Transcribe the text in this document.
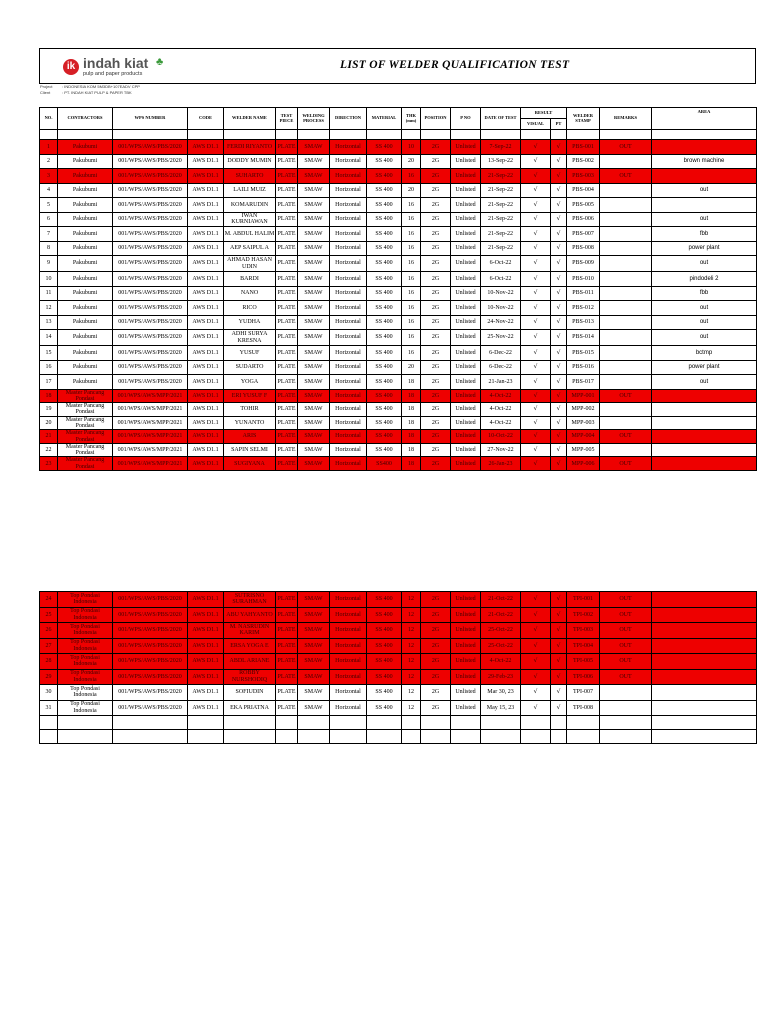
ik indah kiat ♣
pulp and paper products
LIST OF WELDER QUALIFICATION TEST
Project : INDONESIA KOM 5M3DB+107EADV CPP
Client	: PT. INDAH KIAT PULP & PAPER TBK
NO.	CONTRACTORS	WPS NUMBER	CODE	WELDER NAME	TEST PIECE	WELDING PROCESS	DIRECTION	MATERIAL	THK (mm)	POSITION	P NO	DATE OF TEST	RESULT		WELDER STAMP	REMARKS	AREA
													VISUAL	PT			

1	Pakubumi	001/WPS/AWS/PBS/2020	AWS D1.1	FERDI RIYANTO	PLATE	SMAW	Horizontal	SS 400	10	2G	Unlisted	7-Sep-22	√	√	PBS-001	OUT	
2	Pakubumi	001/WPS/AWS/PBS/2020	AWS D1.1	DODDY MUMIN	PLATE	SMAW	Horizontal	SS 400	20	2G	Unlisted	13-Sep-22	√	√	PBS-002		brown machine
3	Pakubumi	001/WPS/AWS/PBS/2020	AWS D1.1	SUHARTO	PLATE	SMAW	Horizontal	SS 400	16	2G	Unlisted	21-Sep-22	√	√	PBS-003	OUT	
4	Pakubumi	001/WPS/AWS/PBS/2020	AWS D1.1	LAILI MUIZ	PLATE	SMAW	Horizontal	SS 400	20	2G	Unlisted	21-Sep-22	√	√	PBS-004		out
5	Pakubumi	001/WPS/AWS/PBS/2020	AWS D1.1	KOMARUDIN	PLATE	SMAW	Horizontal	SS 400	16	2G	Unlisted	21-Sep-22	√	√	PBS-005		
6	Pakubumi	001/WPS/AWS/PBS/2020	AWS D1.1	IWAN KURNIAWAN	PLATE	SMAW	Horizontal	SS 400	16	2G	Unlisted	21-Sep-22	√	√	PBS-006		out
7	Pakubumi	001/WPS/AWS/PBS/2020	AWS D1.1	M. ABDUL HALIM	PLATE	SMAW	Horizontal	SS 400	16	2G	Unlisted	21-Sep-22	√	√	PBS-007		fbb
8	Pakubumi	001/WPS/AWS/PBS/2020	AWS D1.1	AEP SAIPUL A	PLATE	SMAW	Horizontal	SS 400	16	2G	Unlisted	21-Sep-22	√	√	PBS-008		power plant
9	Pakubumi	001/WPS/AWS/PBS/2020	AWS D1.1	AHMAD HASAN UDIN	PLATE	SMAW	Horizontal	SS 400	16	2G	Unlisted	6-Oct-22	√	√	PBS-009		out
10	Pakubumi	001/WPS/AWS/PBS/2020	AWS D1.1	BARDI	PLATE	SMAW	Horizontal	SS 400	16	2G	Unlisted	6-Oct-22	√	√	PBS-010		pindodeli 2
11	Pakubumi	001/WPS/AWS/PBS/2020	AWS D1.1	NANO	PLATE	SMAW	Horizontal	SS 400	16	2G	Unlisted	10-Nov-22	√	√	PBS-011		fbb
12	Pakubumi	001/WPS/AWS/PBS/2020	AWS D1.1	RICO	PLATE	SMAW	Horizontal	SS 400	16	2G	Unlisted	10-Nov-22	√	√	PBS-012		out
13	Pakubumi	001/WPS/AWS/PBS/2020	AWS D1.1	YUDHA	PLATE	SMAW	Horizontal	SS 400	16	2G	Unlisted	24-Nov-22	√	√	PBS-013		out
14	Pakubumi	001/WPS/AWS/PBS/2020	AWS D1.1	ADHI SURYA KRESNA	PLATE	SMAW	Horizontal	SS 400	16	2G	Unlisted	25-Nov-22	√	√	PBS-014		out
15	Pakubumi	001/WPS/AWS/PBS/2020	AWS D1.1	YUSUF	PLATE	SMAW	Horizontal	SS 400	16	2G	Unlisted	6-Dec-22	√	√	PBS-015		bctmp
16	Pakubumi	001/WPS/AWS/PBS/2020	AWS D1.1	SUDARTO	PLATE	SMAW	Horizontal	SS 400	20	2G	Unlisted	6-Dec-22	√	√	PBS-016		power plant
17	Pakubumi	001/WPS/AWS/PBS/2020	AWS D1.1	YOGA	PLATE	SMAW	Horizontal	SS 400	18	2G	Unlisted	21-Jan-23	√	√	PBS-017		out
18	Master Pancang Pondasi	001/WPS/AWS/MPP/2021	AWS D1.1	ERI YUSUF F	PLATE	SMAW	Horizontal	SS 400	18	2G	Unlisted	4-Oct-22	√	√	MPP-001	OUT	
19	Master Pancang Pondasi	001/WPS/AWS/MPP/2021	AWS D1.1	TOHIR	PLATE	SMAW	Horizontal	SS 400	18	2G	Unlisted	4-Oct-22	√	√	MPP-002		
20	Master Pancang Pondasi	001/WPS/AWS/MPP/2021	AWS D1.1	YUNANTO	PLATE	SMAW	Horizontal	SS 400	18	2G	Unlisted	4-Oct-22	√	√	MPP-003		
21	Master Pancang Pondasi	001/WPS/AWS/MPP/2021	AWS D1.1	ARIS	PLATE	SMAW	Horizontal	SS 400	18	2G	Unlisted	10-Oct-22	√	√	MPP-004	OUT	
22	Master Pancang Pondasi	001/WPS/AWS/MPP/2021	AWS D1.1	SAPIN SELMI	PLATE	SMAW	Horizontal	SS 400	18	2G	Unlisted	27-Nov-22	√	√	MPP-005		
23	Master Pancang Pondasi	001/WPS/AWS/MPP/2021	AWS D1.1	SUGIYANA	PLATE	SMAW	Horizontal	SS400	18	2G	Unlisted	26-Jan-23	√	√	MPP-006	OUT	
24	Top Pondasi Indonesia	001/WPS/AWS/PBS/2020	AWS D1.1	SUTRISNO SURAHMAN	PLATE	SMAW	Horizontal	SS 400	12	2G	Unlisted	21-Oct-22	√	√	TPI-001	OUT	
25	Top Pondasi Indonesia	001/WPS/AWS/PBS/2020	AWS D1.1	ABU YAHYANTO	PLATE	SMAW	Horizontal	SS 400	12	2G	Unlisted	21-Oct-22	√	√	TPI-002	OUT	
26	Top Pondasi Indonesia	001/WPS/AWS/PBS/2020	AWS D1.1	M. NASRUDIN KARIM	PLATE	SMAW	Horizontal	SS 400	12	2G	Unlisted	25-Oct-22	√	√	TPI-003	OUT	
27	Top Pondasi Indonesia	001/WPS/AWS/PBS/2020	AWS D1.1	ERSA YOGA E	PLATE	SMAW	Horizontal	SS 400	12	2G	Unlisted	25-Oct-22	√	√	TPI-004	OUT	
28	Top Pondasi Indonesia	001/WPS/AWS/PBS/2020	AWS D1.1	ABDL ARIANE	PLATE	SMAW	Horizontal	SS 400	12	2G	Unlisted	4-Oct-22	√	√	TPI-005	OUT	
29	Top Pondasi Indonesia	001/WPS/AWS/PBS/2020	AWS D1.1	ROBBY NURSHODIQ	PLATE	SMAW	Horizontal	SS 400	12	2G	Unlisted	29-Feb-23	√	√	TPI-006	OUT	
30	Top Pondasi Indonesia	001/WPS/AWS/PBS/2020	AWS D1.1	SOFIUDIN	PLATE	SMAW	Horizontal	SS 400	12	2G	Unlisted	Mar 30, 23	√	√	TPI-007		
31	Top Pondasi Indonesia	001/WPS/AWS/PBS/2020	AWS D1.1	EKA PRIATNA	PLATE	SMAW	Horizontal	SS 400	12	2G	Unlisted	May 15, 23	√	√	TPI-008		
